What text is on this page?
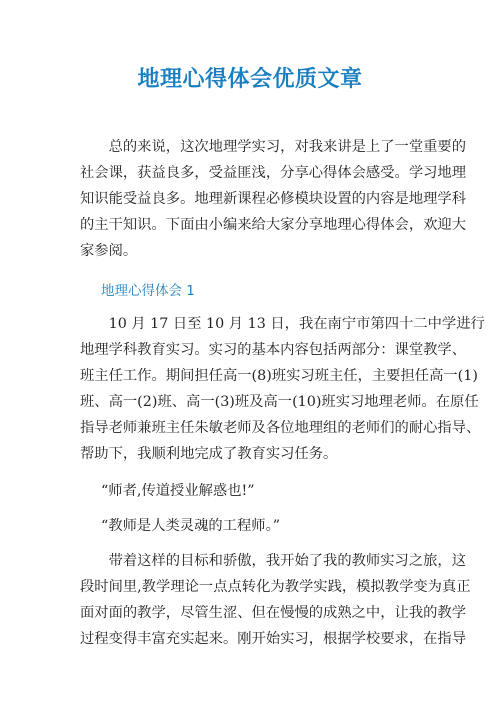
地理心得体会优质文章
　　总的来说，这次地理学实习，对我来讲是上了一堂重要的
社会课，获益良多，受益匪浅，分享心得体会感受。学习地理
知识能受益良多。地理新课程必修模块设置的内容是地理学科
的主干知识。下面由小编来给大家分享地理心得体会，欢迎大
家参阅。
地理心得体会 1
　　10 月 17 日至 10 月 13 日，我在南宁市第四十二中学进行
地理学科教育实习。实习的基本内容包括两部分：课堂教学、
班主任工作。期间担任高一(8)班实习班主任，主要担任高一(1)
班、高一(2)班、高一(3)班及高一(10)班实习地理老师。在原任
指导老师兼班主任朱敏老师及各位地理组的老师们的耐心指导、
帮助下，我顺利地完成了教育实习任务。
“师者,传道授业解惑也!”
“教师是人类灵魂的工程师。”
　　带着这样的目标和骄傲，我开始了我的教师实习之旅，这
段时间里,教学理论一点点转化为教学实践，模拟教学变为真正
面对面的教学，尽管生涩、但在慢慢的成熟之中，让我的教学
过程变得丰富充实起来。刚开始实习，根据学校要求，在指导
